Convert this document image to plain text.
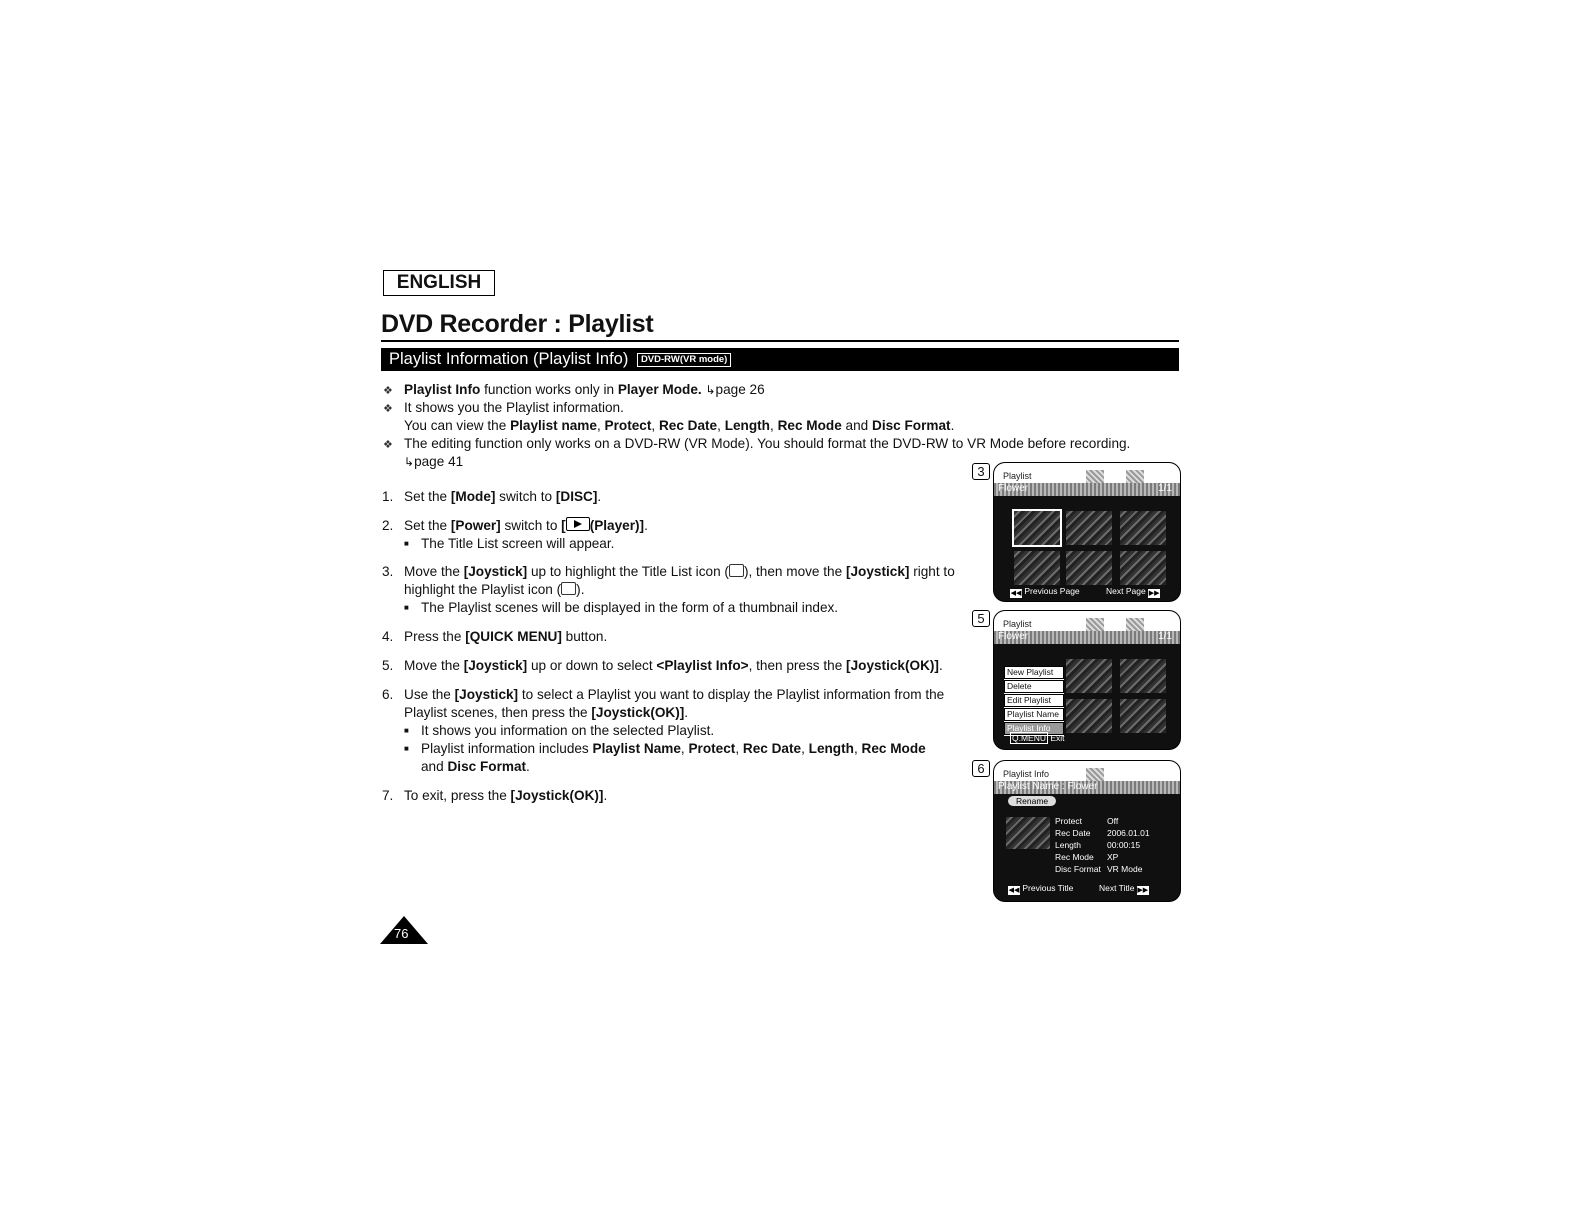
ENGLISH
DVD Recorder : Playlist
Playlist Information (Playlist Info) DVD-RW(VR mode)
❖ Playlist Info function works only in Player Mode. ↳page 26
❖ It shows you the Playlist information.
You can view the Playlist name, Protect, Rec Date, Length, Rec Mode and Disc Format.
❖ The editing function only works on a DVD-RW (VR Mode). You should format the DVD-RW to VR Mode before recording.
↳page 41
1. Set the [Mode] switch to [DISC].
2. Set the [Power] switch to [ (Player)].
■ The Title List screen will appear.
3. Move the [Joystick] up to highlight the Title List icon ( ), then move the [Joystick] right to highlight the Playlist icon ( ).
■ The Playlist scenes will be displayed in the form of a thumbnail index.
4. Press the [QUICK MENU] button.
5. Move the [Joystick] up or down to select <Playlist Info>, then press the [Joystick(OK)].
6. Use the [Joystick] to select a Playlist you want to display the Playlist information from the Playlist scenes, then press the [Joystick(OK)].
■ It shows you information on the selected Playlist.
■ Playlist information includes Playlist Name, Protect, Rec Date, Length, Rec Mode
and Disc Format.
7. To exit, press the [Joystick(OK)].
3	Playlist
Flower	1/1
◀◀ Previous Page	Next Page ▶▶
5	Playlist
Flower	1/1
New Playlist
Delete
Edit Playlist
Playlist Name
Playlist Info
Q.MENU Exit
6	Playlist Info
Playlist Name : Flower
Rename
Protect	Off
Rec Date 2006.01.01
Length	00:00:15
Rec Mode XP
Disc Format VR Mode
◀◀ Previous Title	Next Title ▶▶
76
